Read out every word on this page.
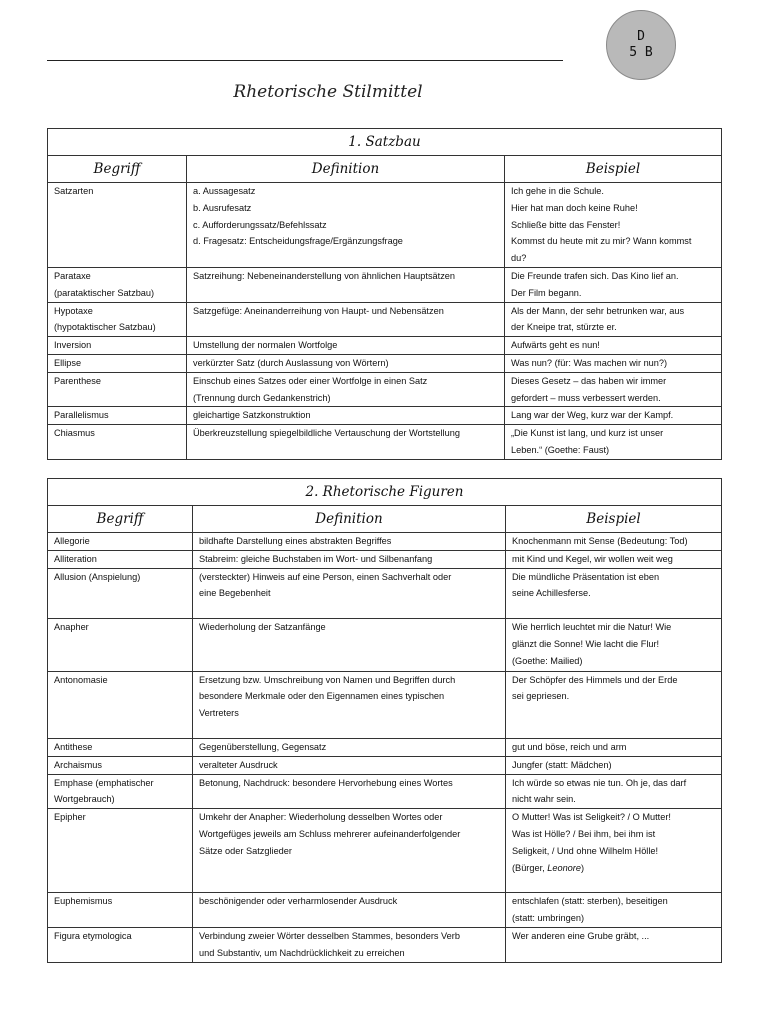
D
5 B
Rhetorische Stilmittel
1. Satzbau		
Begriff	Definition	Beispiel

Satzarten	a. Aussagesatz
b. Ausrufesatz
c. Aufforderungssatz/Befehlssatz
d. Fragesatz: Entscheidungsfrage/Ergänzungsfrage	Ich gehe in die Schule.
Hier hat man doch keine Ruhe!
Schließe bitte das Fenster!
Kommst du heute mit zu mir? Wann kommst
du?

Parataxe
(parataktischer Satzbau)	Satzreihung: Nebeneinanderstellung von ähnlichen Hauptsätzen	Die Freunde trafen sich. Das Kino lief an.
Der Film begann.

Hypotaxe
(hypotaktischer Satzbau)	Satzgefüge: Aneinanderreihung von Haupt- und Nebensätzen	Als der Mann, der sehr betrunken war, aus
der Kneipe trat, stürzte er.

Inversion	Umstellung der normalen Wortfolge	Aufwärts geht es nun!

Ellipse	verkürzter Satz (durch Auslassung von Wörtern)	Was nun? (für: Was machen wir nun?)

Parenthese	Einschub eines Satzes oder einer Wortfolge in einen Satz
(Trennung durch Gedankenstrich)	Dieses Gesetz – das haben wir immer
gefordert – muss verbessert werden.

Parallelismus	gleichartige Satzkonstruktion	Lang war der Weg, kurz war der Kampf.

Chiasmus	Überkreuzstellung spiegelbildliche Vertauschung der Wortstellung	„Die Kunst ist lang, und kurz ist unser
Leben.“ (Goethe: Faust)
2. Rhetorische Figuren		
Begriff	Definition	Beispiel

Allegorie	bildhafte Darstellung eines abstrakten Begriffes	Knochenmann mit Sense (Bedeutung: Tod)

Alliteration	Stabreim: gleiche Buchstaben im Wort- und Silbenanfang	mit Kind und Kegel, wir wollen weit weg

Allusion (Anspielung)	(versteckter) Hinweis auf eine Person, einen Sachverhalt oder
eine Begebenheit	Die mündliche Präsentation ist eben
seine Achillesferse.

Anapher	Wiederholung der Satzanfänge	Wie herrlich leuchtet mir die Natur! Wie
glänzt die Sonne! Wie lacht die Flur!
(Goethe: Mailied)

Antonomasie	Ersetzung bzw. Umschreibung von Namen und Begriffen durch
besondere Merkmale oder den Eigennamen eines typischen
Vertreters	Der Schöpfer des Himmels und der Erde
sei gepriesen.

Antithese	Gegenüberstellung, Gegensatz	gut und böse, reich und arm

Archaismus	veralteter Ausdruck	Jungfer (statt: Mädchen)

Emphase (emphatischer
Wortgebrauch)	Betonung, Nachdruck: besondere Hervorhebung eines Wortes	Ich würde so etwas nie tun. Oh je, das darf
nicht wahr sein.

Epipher	Umkehr der Anapher: Wiederholung desselben Wortes oder
Wortgefüges jeweils am Schluss mehrerer aufeinanderfolgender
Sätze oder Satzglieder	O Mutter! Was ist Seligkeit? / O Mutter!
Was ist Hölle? / Bei ihm, bei ihm ist
Seligkeit, / Und ohne Wilhelm Hölle!
(Bürger, Leonore)

Euphemismus	beschönigender oder verharmlosender Ausdruck	entschlafen (statt: sterben), beseitigen
(statt: umbringen)

Figura etymologica	Verbindung zweier Wörter desselben Stammes, besonders Verb
und Substantiv, um Nachdrücklichkeit zu erreichen	Wer anderen eine Grube gräbt, ...
